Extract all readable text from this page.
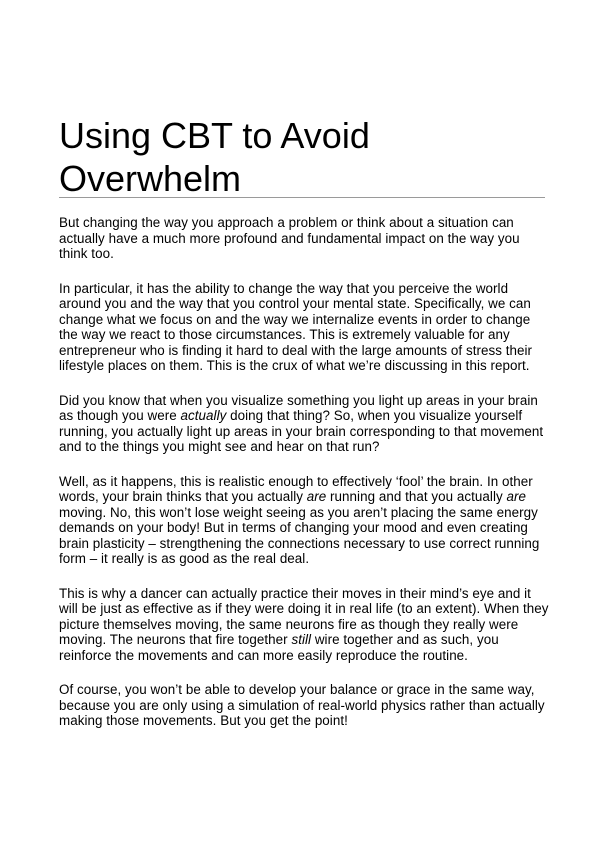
Using CBT to Avoid Overwhelm

But changing the way you approach a problem or think about a situation can actually have a much more profound and fundamental impact on the way you think too.

In particular, it has the ability to change the way that you perceive the world around you and the way that you control your mental state. Specifically, we can change what we focus on and the way we internalize events in order to change the way we react to those circumstances. This is extremely valuable for any entrepreneur who is finding it hard to deal with the large amounts of stress their lifestyle places on them. This is the crux of what we’re discussing in this report.

Did you know that when you visualize something you light up areas in your brain as though you were actually doing that thing? So, when you visualize yourself running, you actually light up areas in your brain corresponding to that movement and to the things you might see and hear on that run?

Well, as it happens, this is realistic enough to effectively ‘fool’ the brain. In other words, your brain thinks that you actually are running and that you actually are moving. No, this won’t lose weight seeing as you aren’t placing the same energy demands on your body! But in terms of changing your mood and even creating brain plasticity – strengthening the connections necessary to use correct running form – it really is as good as the real deal.

This is why a dancer can actually practice their moves in their mind’s eye and it will be just as effective as if they were doing it in real life (to an extent). When they picture themselves moving, the same neurons fire as though they really were moving. The neurons that fire together still wire together and as such, you reinforce the movements and can more easily reproduce the routine.

Of course, you won’t be able to develop your balance or grace in the same way, because you are only using a simulation of real-world physics rather than actually making those movements. But you get the point!
